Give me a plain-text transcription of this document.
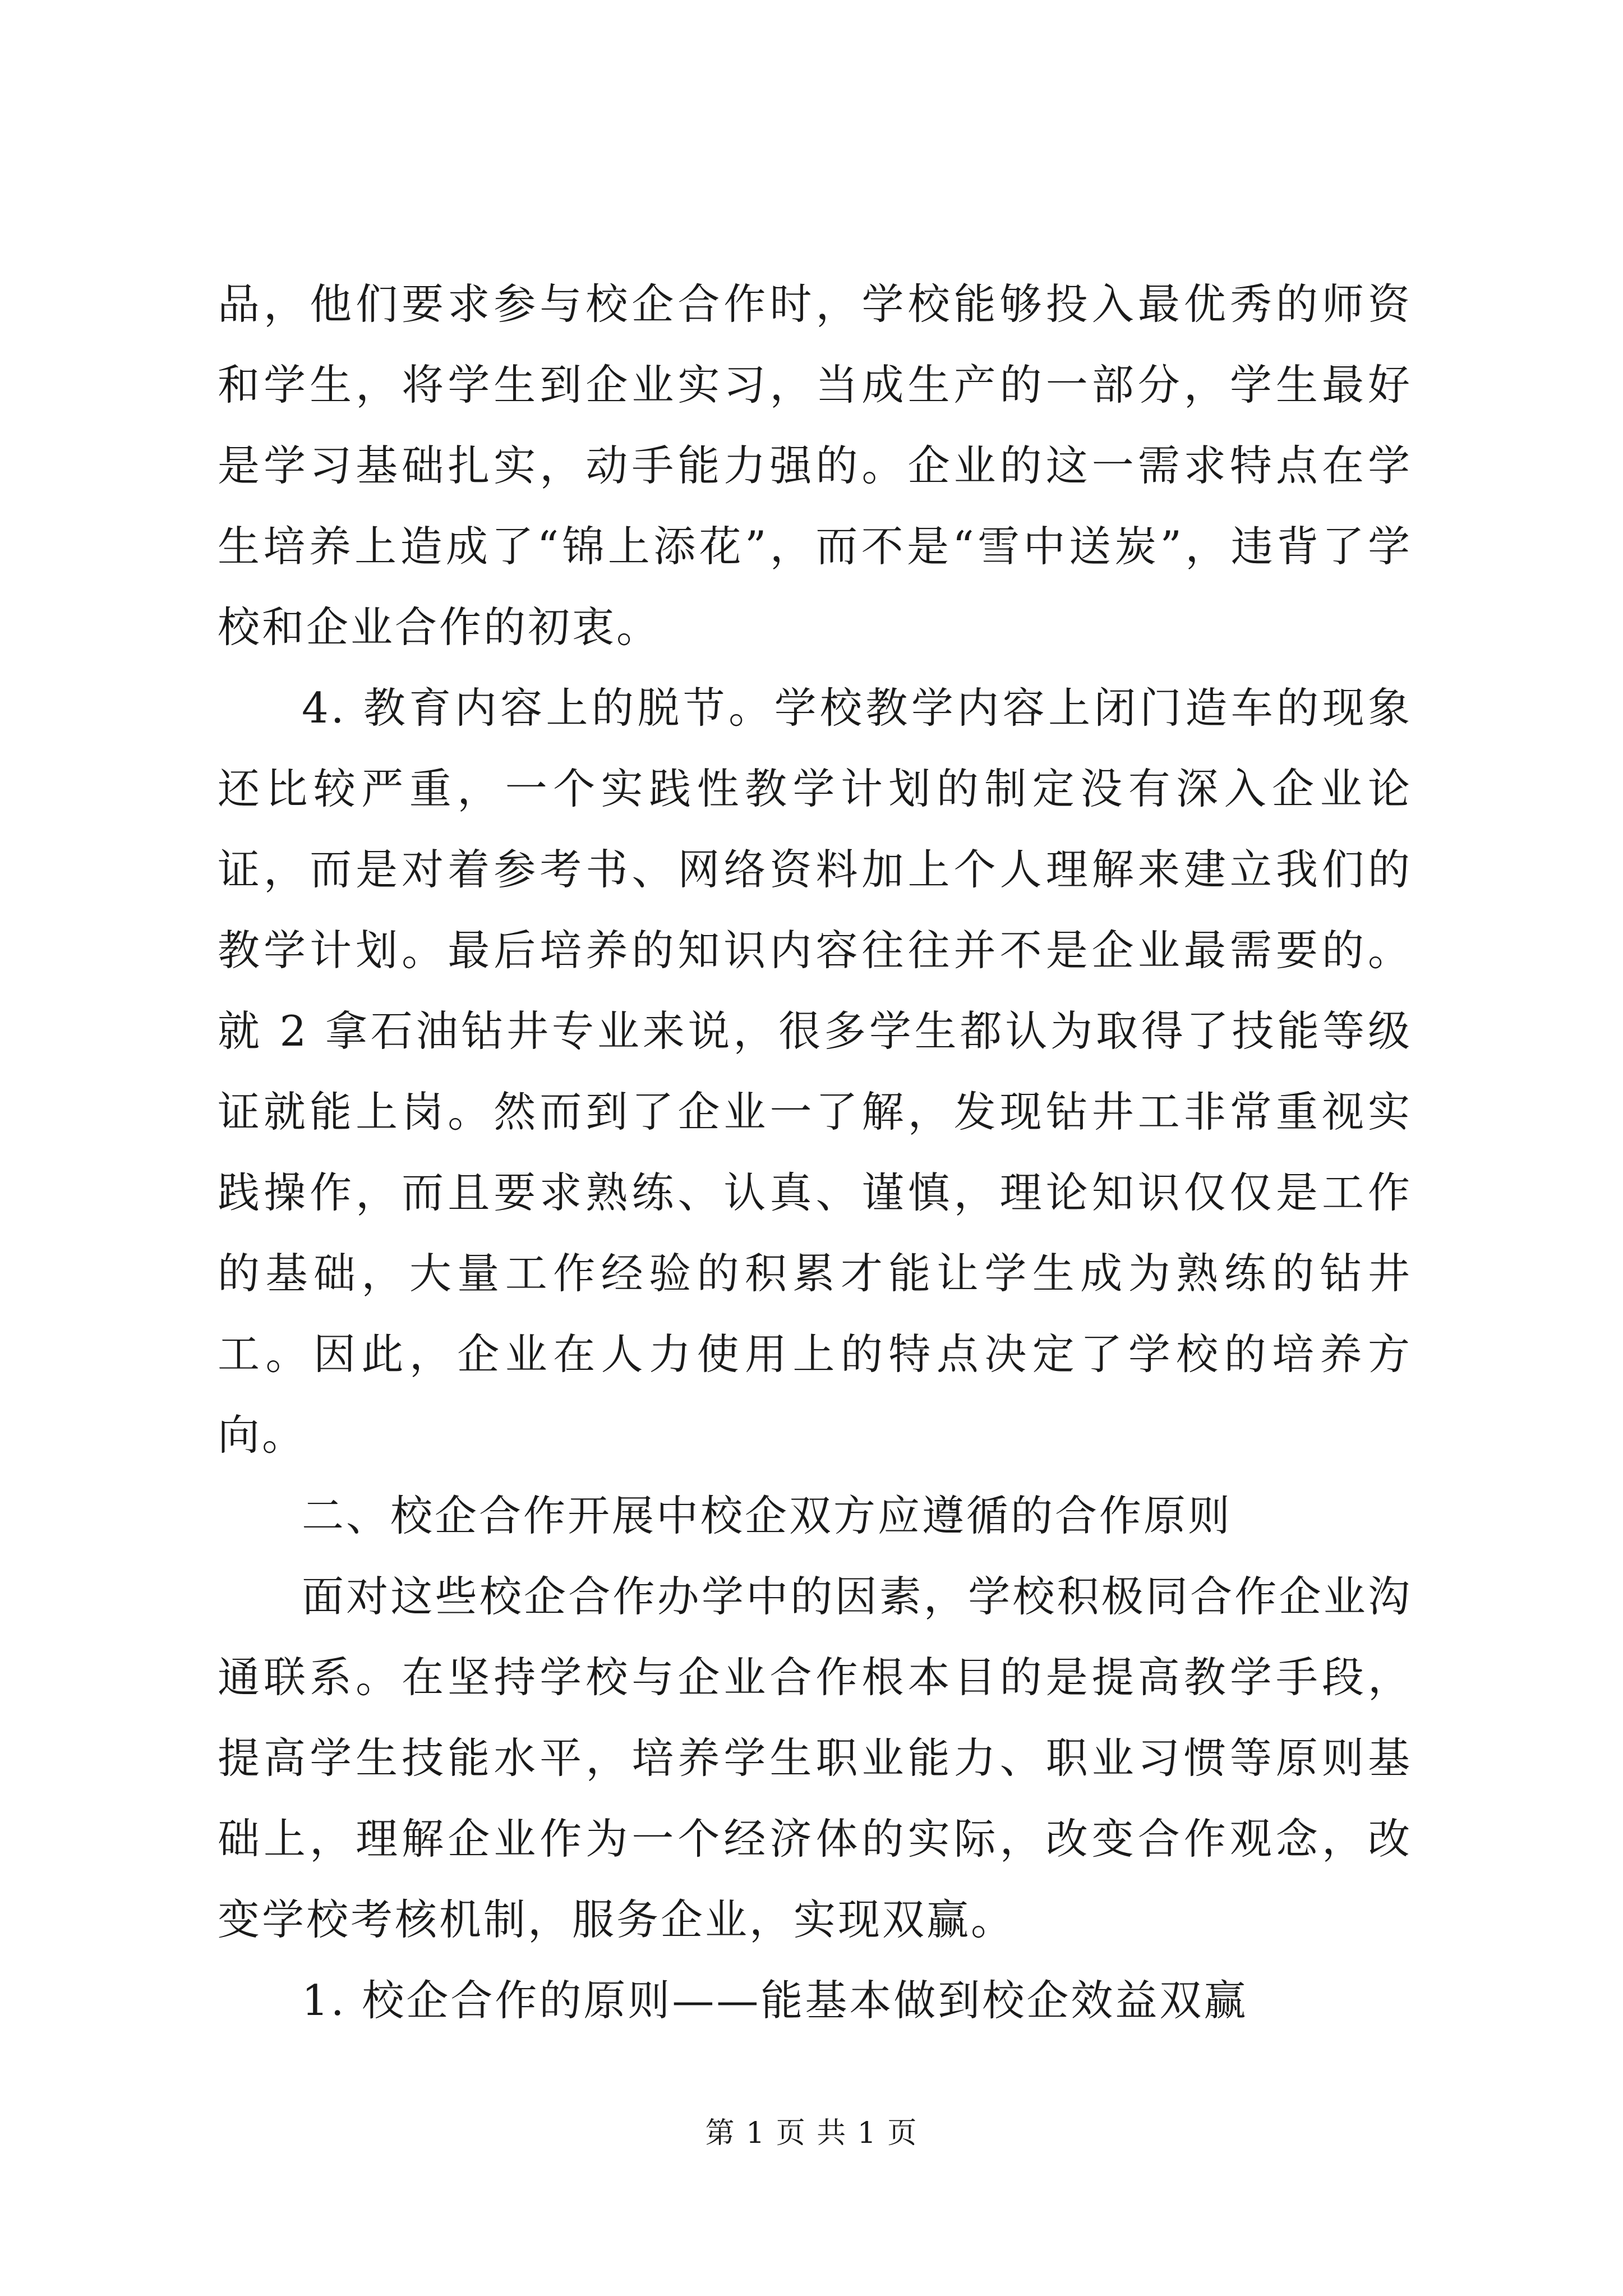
品，他们要求参与校企合作时，学校能够投入最优秀的师资和学生，将学生到企业实习，当成生产的一部分，学生最好是学习基础扎实，动手能力强的。企业的这一需求特点在学生培养上造成了“锦上添花”，而不是“雪中送炭”，违背了学校和企业合作的初衷。

4. 教育内容上的脱节。学校教学内容上闭门造车的现象还比较严重，一个实践性教学计划的制定没有深入企业论证，而是对着参考书、网络资料加上个人理解来建立我们的教学计划。最后培养的知识内容往往并不是企业最需要的。就 2 拿石油钻井专业来说，很多学生都认为取得了技能等级证就能上岗。然而到了企业一了解，发现钻井工非常重视实践操作，而且要求熟练、认真、谨慎，理论知识仅仅是工作的基础，大量工作经验的积累才能让学生成为熟练的钻井工。因此，企业在人力使用上的特点决定了学校的培养方向。

二、校企合作开展中校企双方应遵循的合作原则

面对这些校企合作办学中的因素，学校积极同合作企业沟通联系。在坚持学校与企业合作根本目的是提高教学手段，提高学生技能水平，培养学生职业能力、职业习惯等原则基础上，理解企业作为一个经济体的实际，改变合作观念，改变学校考核机制，服务企业，实现双赢。

1. 校企合作的原则——能基本做到校企效益双赢

第 1 页 共 1 页
